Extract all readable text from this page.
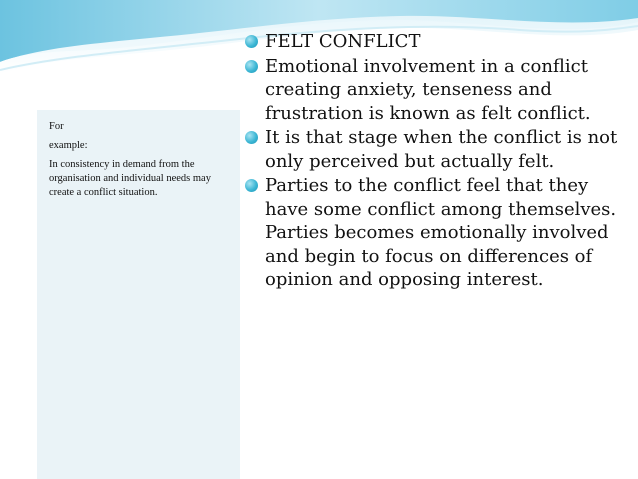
For

example:

In consistency in demand from the organisation and individual needs may create a conflict situation.

FELT CONFLICT
Emotional involvement in a conflict creating anxiety, tenseness and frustration is known as felt conflict.
It is that stage when the conflict is not only perceived but actually felt.
Parties to the conflict feel that they have some conflict among themselves. Parties becomes emotionally involved and begin to focus on differences of opinion and opposing interest.
